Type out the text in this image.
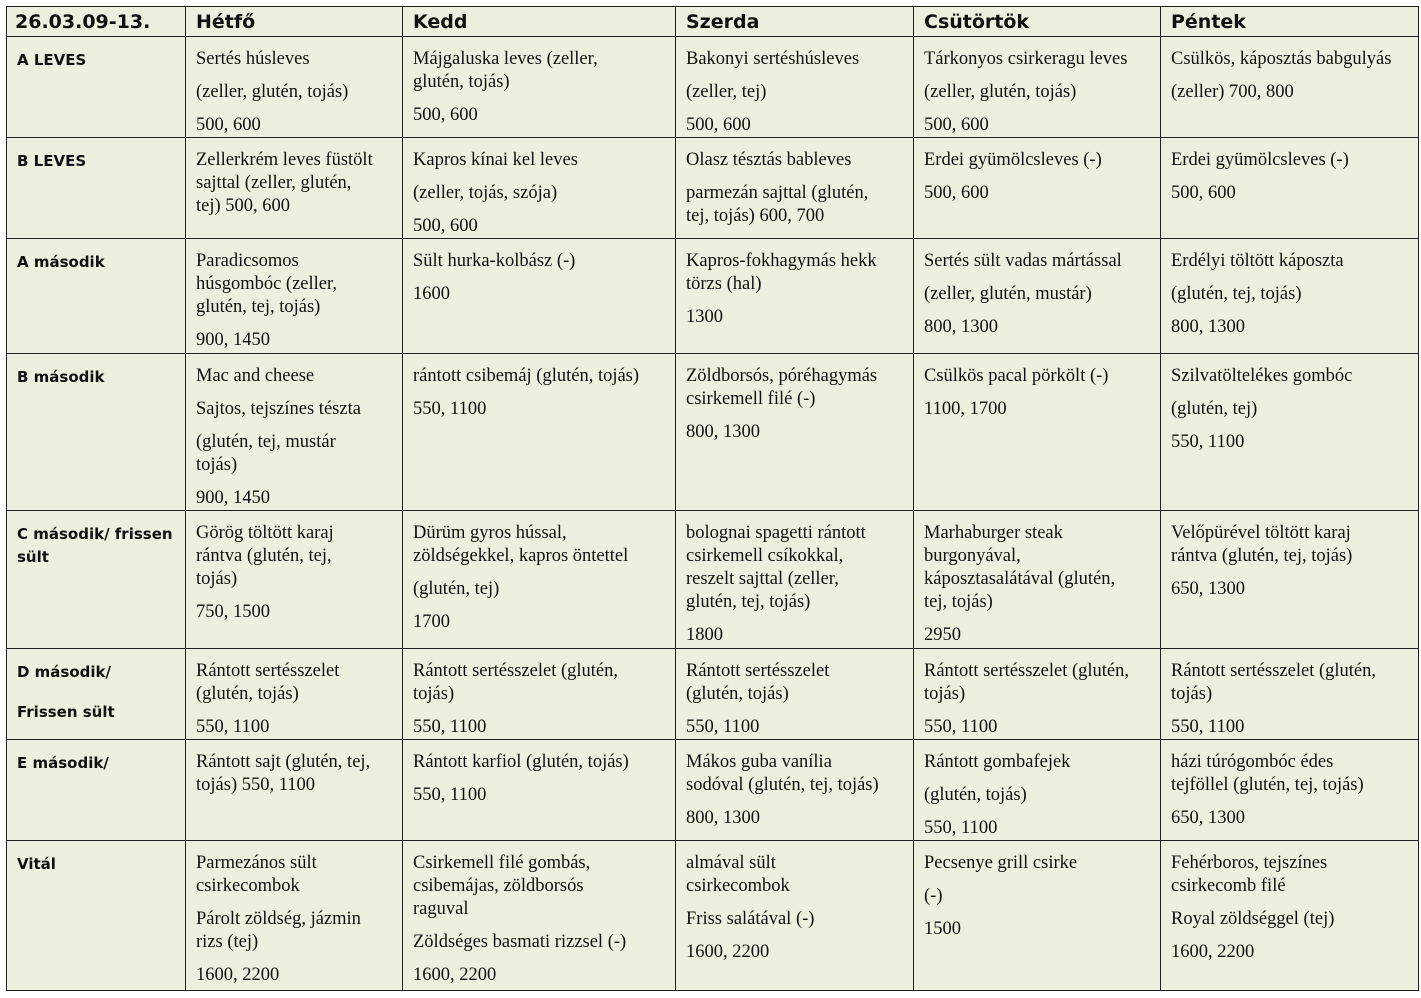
26.03.09-13.	Hétfő	Kedd	Szerda	Csütörtök	Péntek
A LEVES	Sertés húsleves
(zeller, glutén, tojás)
500, 600	Májgaluska leves (zeller,
glutén, tojás)
500, 600	Bakonyi sertéshúsleves
(zeller, tej)
500, 600	Tárkonyos csirkeragu leves
(zeller, glutén, tojás)
500, 600	Csülkös, káposztás babgulyás
(zeller) 700, 800

B LEVES	Zellerkrém leves füstölt
sajttal (zeller, glutén,
tej) 500, 600	Kapros kínai kel leves
(zeller, tojás, szója)
500, 600	Olasz tésztás bableves
parmezán sajttal (glutén,
tej, tojás) 600, 700	Erdei gyümölcsleves (-)
500, 600	Erdei gyümölcsleves (-)
500, 600

A második	Paradicsomos
húsgombóc (zeller,
glutén, tej, tojás)
900, 1450	Sült hurka-kolbász (-)
1600	Kapros-fokhagymás hekk
törzs (hal)
1300	Sertés sült vadas mártással
(zeller, glutén, mustár)
800, 1300	Erdélyi töltött káposzta
(glutén, tej, tojás)
800, 1300

B második	Mac and cheese
Sajtos, tejszínes tészta
(glutén, tej, mustár
tojás)
900, 1450	rántott csibemáj (glutén, tojás)
550, 1100	Zöldborsós, póréhagymás
csirkemell filé (-)
800, 1300	Csülkös pacal pörkölt (-)
1100, 1700	Szilvatöltelékes gombóc
(glutén, tej)
550, 1100

C második/ frissen
sült	Görög töltött karaj
rántva (glutén, tej,
tojás)
750, 1500	Dürüm gyros hússal,
zöldségekkel, kapros öntettel
(glutén, tej)
1700	bolognai spagetti rántott
csirkemell csíkokkal,
reszelt sajttal (zeller,
glutén, tej, tojás)
1800	Marhaburger steak
burgonyával,
káposztasalátával (glutén,
tej, tojás)
2950	Velőpürével töltött karaj
rántva (glutén, tej, tojás)
650, 1300

D második/
Frissen sült	Rántott sertésszelet
(glutén, tojás)
550, 1100	Rántott sertésszelet (glutén,
tojás)
550, 1100	Rántott sertésszelet
(glutén, tojás)
550, 1100	Rántott sertésszelet (glutén,
tojás)
550, 1100	Rántott sertésszelet (glutén,
tojás)
550, 1100

E második/	Rántott sajt (glutén, tej,
tojás) 550, 1100	Rántott karfiol (glutén, tojás)
550, 1100	Mákos guba vanília
sodóval (glutén, tej, tojás)
800, 1300	Rántott gombafejek
(glutén, tojás)
550, 1100	házi túrógombóc édes
tejföllel (glutén, tej, tojás)
650, 1300

Vitál	Parmezános sült
csirkecombok
Párolt zöldség, jázmin
rizs (tej)
1600, 2200	Csirkemell filé gombás,
csibemájas, zöldborsós
raguval
Zöldséges basmati rizzsel (-)
1600, 2200	almával sült
csirkecombok
Friss salátával (-)
1600, 2200	Pecsenye grill csirke
(-)
1500	Fehérboros, tejszínes
csirkecomb filé
Royal zöldséggel (tej)
1600, 2200
